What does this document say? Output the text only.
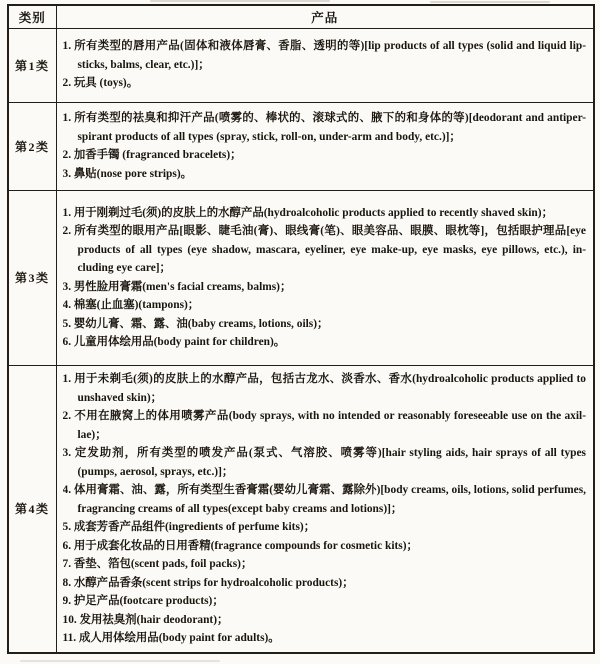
类别	产品
第1类	1. 所有类型的唇用产品(固体和液体唇膏、香脂、透明的等)[lip products of all types (solid and liquid lip-sticks, balms, clear, etc.)]；
2. 玩具 (toys)。

第2类	1. 所有类型的祛臭和抑汗产品(喷雾的、棒状的、滚球式的、腋下的和身体的等)[deodorant and antiper-spirant products of all types (spray, stick, roll-on, under-arm and body, etc.)]；
2. 加香手镯 (fragranced bracelets)；
3. 鼻贴(nose pore strips)。

第3类	
1. 用于刚剃过毛(须)的皮肤上的水醇产品(hydroalcoholic products applied to recently shaved skin)；
2. 所有类型的眼用产品[眼影、睫毛油(膏)、眼线膏(笔)、眼美容品、眼膜、眼枕等]，包括眼护理品[eye products of all types (eye shadow, mascara, eyeliner, eye make-up, eye masks, eye pillows, etc.), in-cluding eye care]；
3. 男性脸用膏霜(men's facial creams, balms)；
4. 棉塞(止血塞)(tampons)；
5. 婴幼儿膏、霜、露、油(baby creams, lotions, oils)；
6. 儿童用体绘用品(body paint for children)。

第4类	
1. 用于未剃毛(须)的皮肤上的水醇产品，包括古龙水、淡香水、香水(hydroalcoholic products applied to unshaved skin)；
2. 不用在腋窝上的体用喷雾产品(body sprays, with no intended or reasonably foreseeable use on the axil-lae)；
3. 定发助剂，所有类型的喷发产品(泵式、气溶胶、喷雾等)[hair styling aids, hair sprays of all types (pumps, aerosol, sprays, etc.)]；
4. 体用膏霜、油、露，所有类型生香膏霜(婴幼儿膏霜、露除外)[body creams, oils, lotions, solid perfumes, fragrancing creams of all types(except baby creams and lotions)]；
5. 成套芳香产品组件(ingredients of perfume kits)；
6. 用于成套化妆品的日用香精(fragrance compounds for cosmetic kits)；
7. 香垫、箔包(scent pads, foil packs)；
8. 水醇产品香条(scent strips for hydroalcoholic products)；
9. 护足产品(footcare products)；
10. 发用祛臭剂(hair deodorant)；
11. 成人用体绘用品(body paint for adults)。
